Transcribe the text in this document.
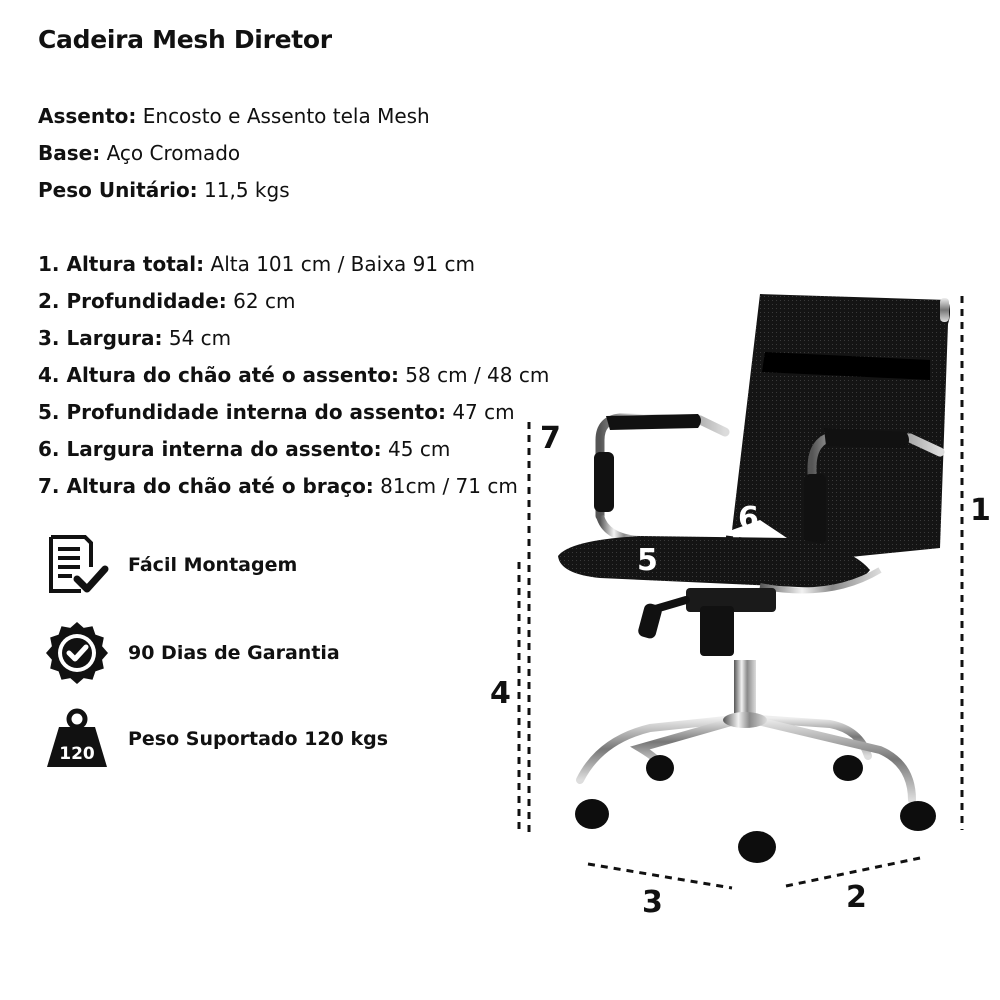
Cadeira Mesh Diretor
Assento: Encosto e Assento tela Mesh
Base: Aço Cromado
Peso Unitário: 11,5 kgs
1. Altura total: Alta 101 cm / Baixa 91 cm
2. Profundidade: 62 cm
3. Largura: 54 cm
4. Altura do chão até o assento: 58 cm / 48 cm
5. Profundidade interna do assento: 47 cm
6. Largura interna do assento: 45 cm
7. Altura do chão até o braço: 81cm / 71 cm
Fácil Montagem
90 Dias de Garantia
120
Peso Suportado 120 kgs
1
2
3
4
7
5
6
